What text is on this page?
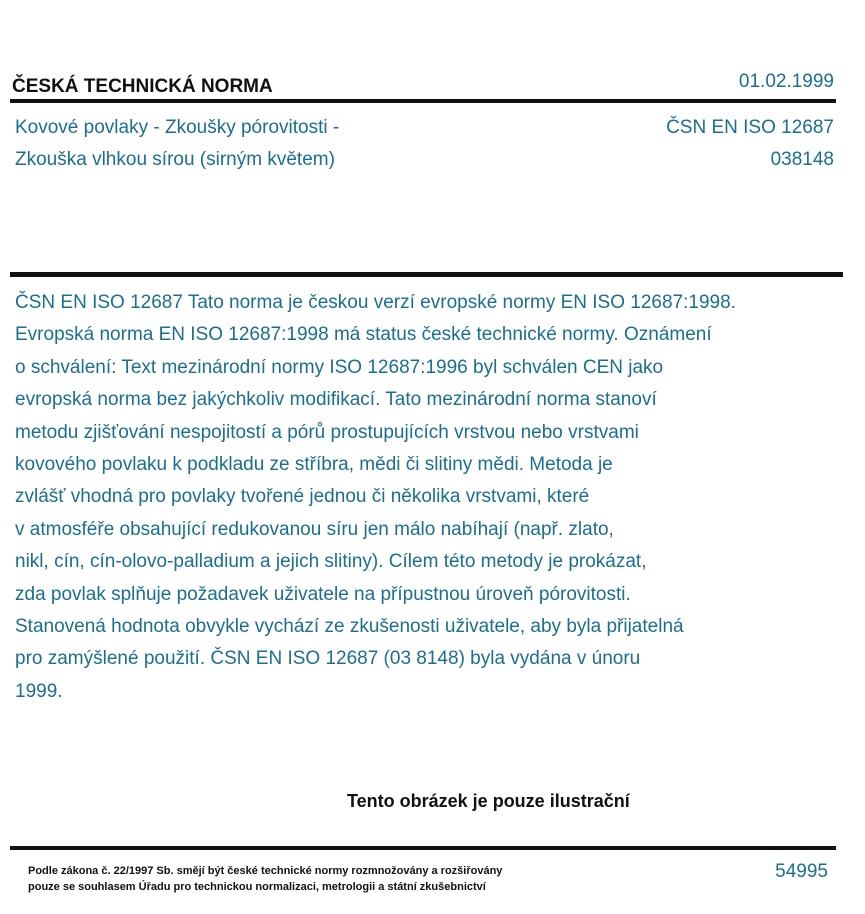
ČESKÁ TECHNICKÁ NORMA	01.02.1999
Kovové povlaky - Zkoušky pórovitosti -
Zkouška vlhkou sírou (sirným květem)
ČSN EN ISO 12687
038148
ČSN EN ISO 12687 Tato norma je českou verzí evropské normy EN ISO 12687:1998.
Evropská norma EN ISO 12687:1998 má status české technické normy. Oznámení
o schválení: Text mezinárodní normy ISO 12687:1996 byl schválen CEN jako
evropská norma bez jakýchkoliv modifikací. Tato mezinárodní norma stanoví
metodu zjišťování nespojitostí a pórů prostupujících vrstvou nebo vrstvami
kovového povlaku k podkladu ze stříbra, mědi či slitiny mědi. Metoda je
zvlášť vhodná pro povlaky tvořené jednou či několika vrstvami, které
v atmosféře obsahující redukovanou síru jen málo nabíhají (např. zlato,
nikl, cín, cín-olovo-palladium a jejich slitiny). Cílem této metody je prokázat,
zda povlak splňuje požadavek uživatele na přípustnou úroveň pórovitosti.
Stanovená hodnota obvykle vychází ze zkušenosti uživatele, aby byla přijatelná
pro zamýšlené použití. ČSN EN ISO 12687 (03 8148) byla vydána v únoru
1999.
Tento obrázek je pouze ilustrační
Podle zákona č. 22/1997 Sb. smějí být české technické normy rozmnožovány a rozšiřovány
pouze se souhlasem Úřadu pro technickou normalizaci, metrologii a státní zkušebnictví
54995
